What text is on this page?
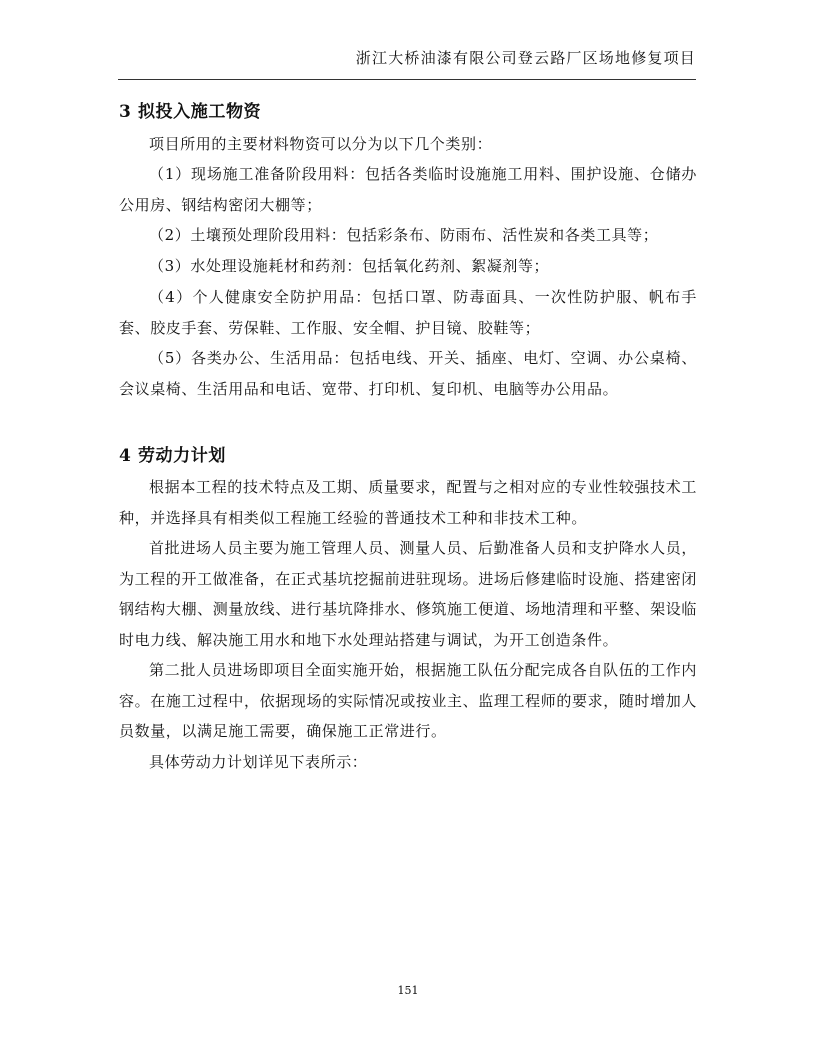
浙江大桥油漆有限公司登云路厂区场地修复项目
3 拟投入施工物资

项目所用的主要材料物资可以分为以下几个类别：

（1）现场施工准备阶段用料：包括各类临时设施施工用料、围护设施、仓储办公用房、钢结构密闭大棚等；

（2）土壤预处理阶段用料：包括彩条布、防雨布、活性炭和各类工具等；

（3）水处理设施耗材和药剂：包括氧化药剂、絮凝剂等；

（4）个人健康安全防护用品：包括口罩、防毒面具、一次性防护服、帆布手套、胶皮手套、劳保鞋、工作服、安全帽、护目镜、胶鞋等；

（5）各类办公、生活用品：包括电线、开关、插座、电灯、空调、办公桌椅、会议桌椅、生活用品和电话、宽带、打印机、复印机、电脑等办公用品。

4 劳动力计划

根据本工程的技术特点及工期、质量要求，配置与之相对应的专业性较强技术工种，并选择具有相类似工程施工经验的普通技术工种和非技术工种。

首批进场人员主要为施工管理人员、测量人员、后勤准备人员和支护降水人员，为工程的开工做准备，在正式基坑挖掘前进驻现场。进场后修建临时设施、搭建密闭钢结构大棚、测量放线、进行基坑降排水、修筑施工便道、场地清理和平整、架设临时电力线、解决施工用水和地下水处理站搭建与调试，为开工创造条件。

第二批人员进场即项目全面实施开始，根据施工队伍分配完成各自队伍的工作内容。在施工过程中，依据现场的实际情况或按业主、监理工程师的要求，随时增加人员数量，以满足施工需要，确保施工正常进行。

具体劳动力计划详见下表所示：

151
